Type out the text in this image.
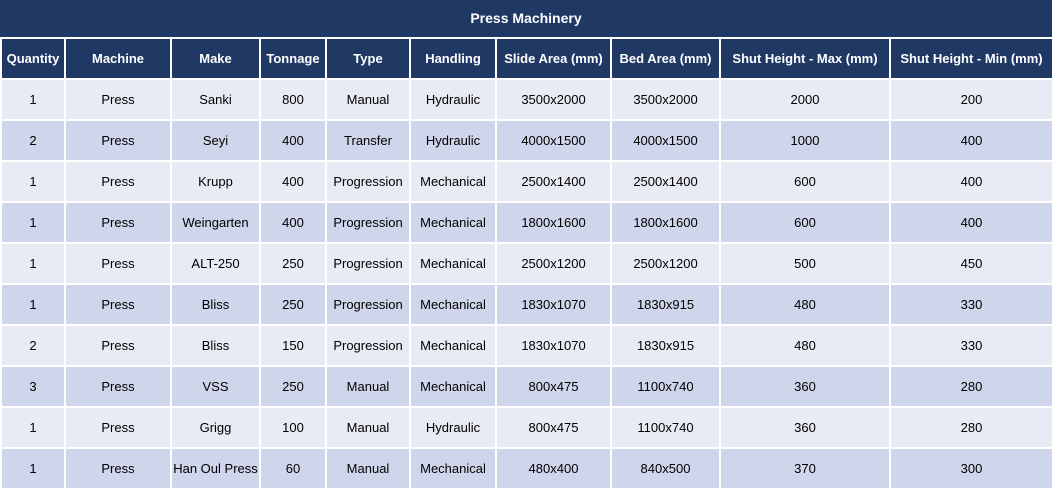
Press Machinery
Quantity	Machine	Make	Tonnage	Type	Handling	Slide Area (mm)	Bed Area (mm)	Shut Height - Max (mm)	Shut Height - Min (mm)
1	Press	Sanki	800	Manual	Hydraulic	3500x2000	3500x2000	2000	200
2	Press	Seyi	400	Transfer	Hydraulic	4000x1500	4000x1500	1000	400
1	Press	Krupp	400	Progression	Mechanical	2500x1400	2500x1400	600	400
1	Press	Weingarten	400	Progression	Mechanical	1800x1600	1800x1600	600	400
1	Press	ALT-250	250	Progression	Mechanical	2500x1200	2500x1200	500	450
1	Press	Bliss	250	Progression	Mechanical	1830x1070	1830x915	480	330
2	Press	Bliss	150	Progression	Mechanical	1830x1070	1830x915	480	330
3	Press	VSS	250	Manual	Mechanical	800x475	1100x740	360	280
1	Press	Grigg	100	Manual	Hydraulic	800x475	1100x740	360	280
1	Press	Han Oul Press	60	Manual	Mechanical	480x400	840x500	370	300
